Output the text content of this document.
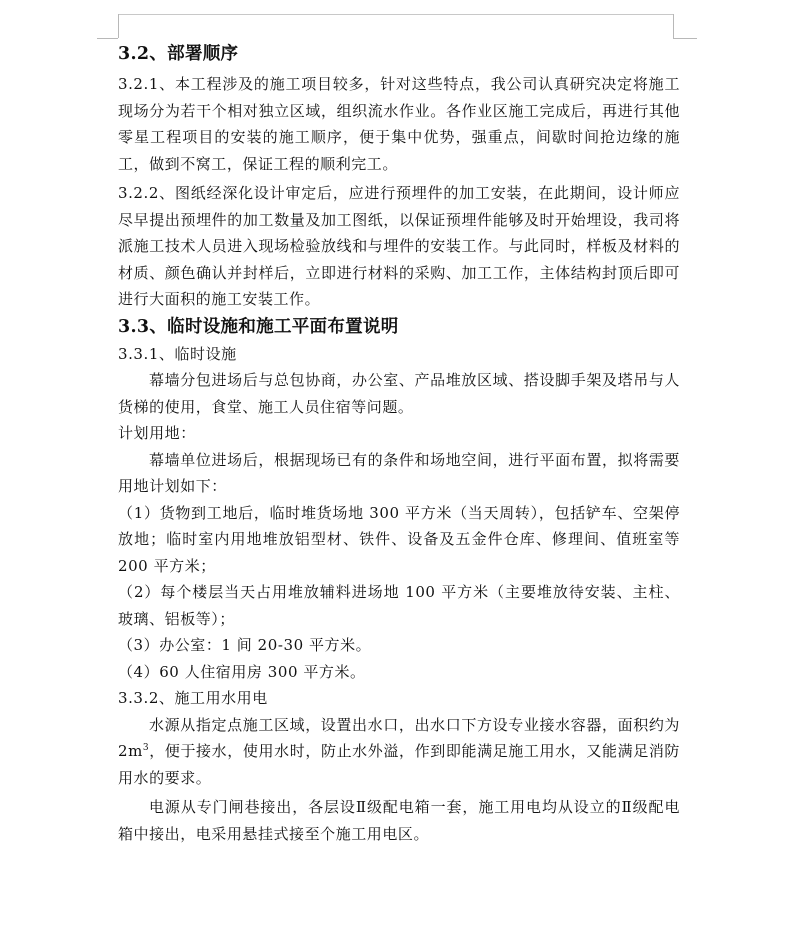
3.2、部署顺序
3.2.1、本工程涉及的施工项目较多，针对这些特点，我公司认真研究决定将施工现场分为若干个相对独立区域，组织流水作业。各作业区施工完成后，再进行其他零星工程项目的安装的施工顺序，便于集中优势，强重点，间歇时间抢边缘的施工，做到不窝工，保证工程的顺利完工。
3.2.2、图纸经深化设计审定后，应进行预埋件的加工安装，在此期间，设计师应尽早提出预埋件的加工数量及加工图纸，以保证预埋件能够及时开始埋设，我司将派施工技术人员进入现场检验放线和与埋件的安装工作。与此同时，样板及材料的材质、颜色确认并封样后，立即进行材料的采购、加工工作，主体结构封顶后即可进行大面积的施工安装工作。
3.3、临时设施和施工平面布置说明
3.3.1、临时设施
幕墙分包进场后与总包协商，办公室、产品堆放区域、搭设脚手架及塔吊与人货梯的使用，食堂、施工人员住宿等问题。
计划用地：
幕墙单位进场后，根据现场已有的条件和场地空间，进行平面布置，拟将需要用地计划如下：
（1）货物到工地后，临时堆货场地 300 平方米（当天周转），包括铲车、空架停放地；临时室内用地堆放铝型材、铁件、设备及五金件仓库、修理间、值班室等 200 平方米；
（2）每个楼层当天占用堆放辅料进场地 100 平方米（主要堆放待安装、主柱、玻璃、铝板等）；
（3）办公室：1 间 20-30 平方米。
（4）60 人住宿用房 300 平方米。
3.3.2、施工用水用电
水源从指定点施工区域，设置出水口，出水口下方设专业接水容器，面积约为 $2m^3$，便于接水，使用水时，防止水外溢，作到即能满足施工用水，又能满足消防用水的要求。
电源从专门闸巷接出，各层设Ⅱ级配电箱一套，施工用电均从设立的Ⅱ级配电箱中接出，电采用悬挂式接至个施工用电区。
